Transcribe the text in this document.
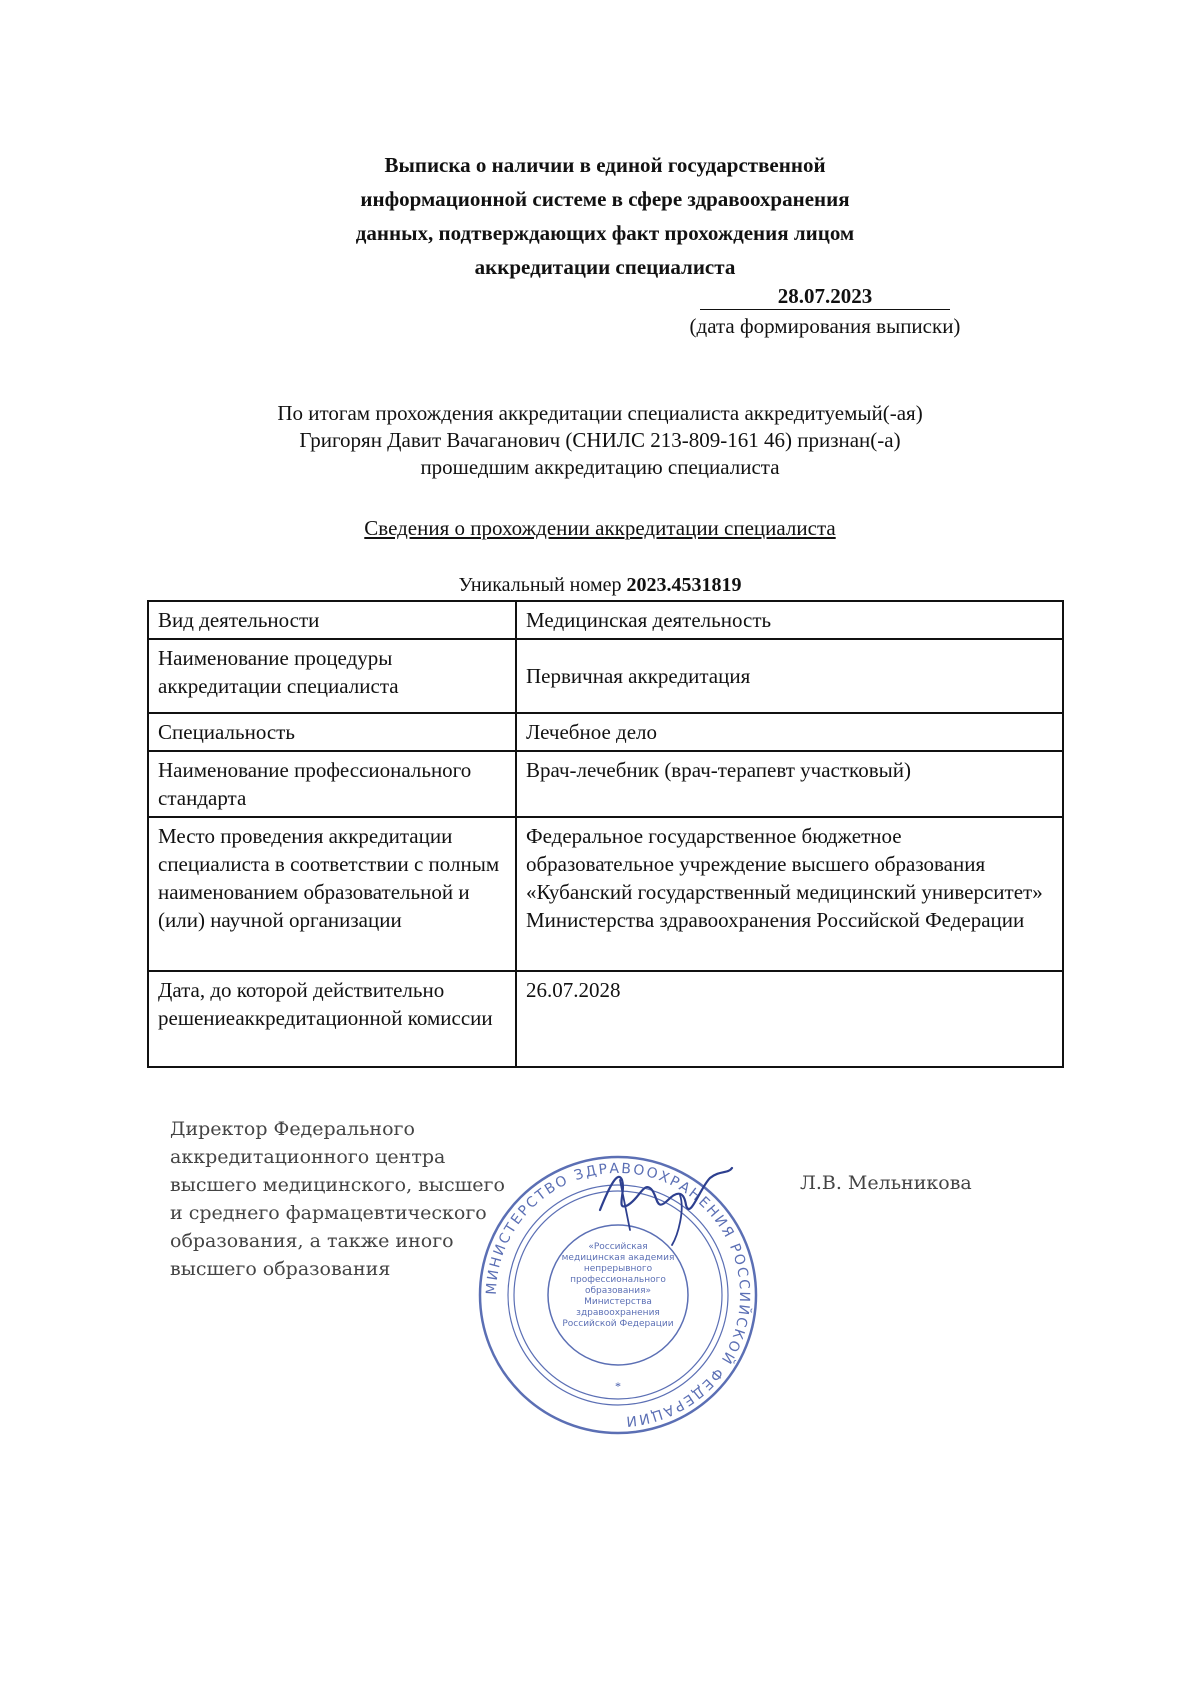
Выписка о наличии в единой государственной
информационной системе в сфере здравоохранения
данных, подтверждающих факт прохождения лицом
аккредитации специалиста
28.07.2023
(дата формирования выписки)
По итогам прохождения аккредитации специалиста аккредитуемый(-ая)
Григорян Давит Вачаганович (СНИЛС 213-809-161 46) признан(-а)
прошедшим аккредитацию специалиста
Сведения о прохождении аккредитации специалиста
Уникальный номер 2023.4531819
Вид деятельности	Медицинская деятельность
Наименование процедуры аккредитации специалиста	Первичная аккредитация
Специальность	Лечебное дело
Наименование профессионального стандарта	Врач-лечебник (врач-терапевт участковый)
Место проведения аккредитации специалиста в соответствии с полным наименованием образовательной и (или) научной организации	Федеральное государственное бюджетное образовательное учреждение высшего образования «Кубанский государственный медицинский университет» Министерства здравоохранения Российской Федерации
Дата, до которой действительно решениеаккредитационной комиссии	26.07.2028
Директор Федерального
аккредитационного центра
высшего медицинского, высшего
и среднего фармацевтического
образования, а также иного
высшего образования
Л.В. Мельникова
МИНИСТЕРСТВО ЗДРАВООХРАНЕНИЯ РОССИЙСКОЙ ФЕДЕРАЦИИ
«Российская медицинская академия непрерывного профессионального образования» Министерства здравоохранения Российской Федерации
*
